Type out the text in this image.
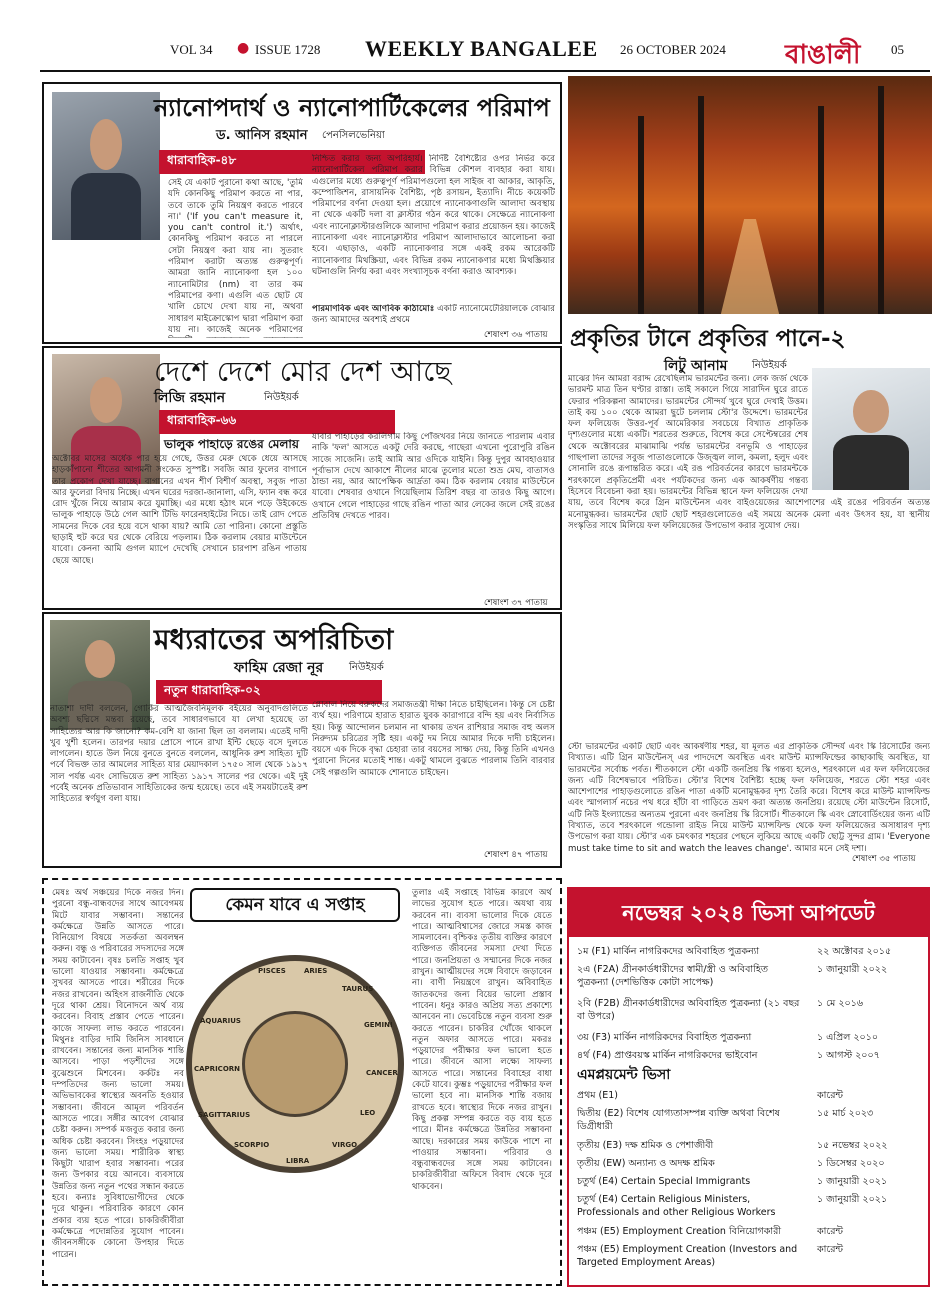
VOL 34 ● ISSUE 1728 WEEKLY BANGALEE 26 OCTOBER 2024 বাঙালী	05
ন্যানোপদার্থ ও ন্যানোপার্টিকেলের পরিমাপ
ড. আনিস রহমান পেনসিলভেনিয়া
ধারাবাহিক-৪৮
সেই যে একটি পুরানো কথা আছে, 'তুমি যদি কোনকিছু পরিমাপ করতে না পার, তবে তাকে তুমি নিয়ন্ত্রণ করতে পারবে না।' ('If you can't measure it, you can't control it.') অর্থাৎ, কোনকিছু পরিমাপ করতে না পারলে সেটা নিয়ন্ত্রণ করা যায় না। সুতরাং পরিমাপ করাটা অত্যন্ত গুরুত্বপূর্ণ। আমরা জানি ন্যানোকণা হল ১০০ ন্যানোমিটার (nm) বা তার কম পরিমাপের কণা। এগুলি এত ছোট যে খালি চোখে দেখা যায় না, অথবা সাধারণ মাইক্রোস্কোপ দ্বারা পরিমাপ করা যায় না। কাজেই অনেক পরিমাপের
নিশ্চিত করার জন্য অপরিহার্য। নির্দিষ্ট বৈশিষ্ট্যের ওপর নির্ভর করে ন্যানোপার্টিকেল পরিমাপ করার বিভিন্ন কৌশল ব্যবহার করা যায়। এগুলোর মধ্যে গুরুত্বপূর্ণ পরিমাপগুলো হল সাইজ বা আকার, আকৃতি, কম্পোজিশন, রাসায়নিক বৈশিষ্ট্য, পৃষ্ঠ রসায়ন, ইত্যাদি। নীচে কয়েকটি পরিমাপের বর্ণনা দেওয়া হল। প্রয়োগে ন্যানোকণাগুলি আলাদা অবস্থায় না থেকে একটি দলা বা ক্লাস্টার গঠন করে থাকে। সেক্ষেত্রে ন্যানোকণা এবং ন্যানোক্লাস্টারগুলিকে আলাদা পরিমাপ করার প্রয়োজন হয়। কাজেই ন্যানোকণা এবং ন্যানোক্লাস্টার পরিমাপ আলাদাভাবে আলোচনা করা হবে। এছাড়াও, একটি ন্যানোকণার সঙ্গে একই রকম আরেকটি ন্যানোকণার মিথস্ক্রিয়া, এবং বিভিন্ন রকম ন্যানোকণার মধ্যে মিথস্ক্রিয়ার ঘটনাগুলি নির্ণয় করা এবং সংখ্যাসূচক বর্ণনা করাও আবশ্যক।
পারমাণবিক এবং আণবিক কাঠামোঃ একটি ন্যানোমেটেরিয়ালকে বোঝার জন্য আমাদের অবশ্যই প্রথমে
শেষাংশ ৩৬ পাতায়
দেশে দেশে মোর দেশ আছে
লিজি রহমান	নিউইয়র্ক
ধারাবাহিক-৬৬
ভালুক পাহাড়ে রঙের মেলায়
অক্টোবর মাসের অর্ধেক পার হয়ে গেছে, উত্তর মেরু থেকে ধেয়ে আসছে হাড়কাঁপানো শীতের আগমনী সংকেত সুস্পষ্ট। সবজি আর ফুলের বাগানে তার প্রকোপ দেখা যাচ্ছে। বাগানের এখন শীর্ণ বিশীর্ণ অবস্থা, সবুজ পাতা আর ফুলেরা বিদায় নিচ্ছে। এখন ঘরের দরজা-জানালা, এসি, ফ্যান বন্ধ করে রোদ খুঁজে নিয়ে আরাম করে যুমাচ্ছি। এর মধ্যে হঠাৎ মনে পড়ে উইকেন্ডে ভালুক পাহাড়ে উঠে গেল আশি টিভি ফারেনহাইটের নিচে। তাই রোদ পেতে সামনের দিকে বের হয়ে বসে থাকা যায়? আমি তো পারিনা। কোনো প্রস্তুতি ছাড়াই হুট করে ঘর থেকে বেরিয়ে পড়লাম। ঠিক করলাম বেয়ার মাউন্টেনে যাবো। কেননা আমি গুগল ম্যাপে দেখেছি সেখানে চারপাশ রঙিন পাতায় ছেয়ে আছে।
যাবার পাহাড়ের করলিগাম কিছু পোঁজখবর নিয়ে জানতে পারলাম এবার নাকি 'ফল' আসতে একটু দেরি করছে, গাছেরা এখনো পুরোপুরি রঙিন সাজে সাজেনি। তাই আমি আর ওদিকে যাইনি। কিন্তু দুপুর আবহাওয়ার পূর্বাভাস দেখে আকাশে নীলের মাঝে তুলোর মতো শুভ্র মেঘ, বাতাসও ঠান্ডা নয়, আর আপেক্ষিক আর্দ্রতা কম। ঠিক করলাম বেয়ার মাউন্টেনে যাবো। শেষবার ওখানে গিয়েছিলাম তিরিশ বছর বা তারও কিছু আগে। ওখানে গেলে পাহাড়ের গাছে রঙিন পাতা আর লেকের জলে সেই রঙের প্রতিবিম্ব দেখতে পারব।
শেষাংশ ৩৭ পাতায়
মধ্যরাতের অপরিচিতা
ফাহিম রেজা নূর	নিউইয়র্ক
নতুন ধারাবাহিক-০২
নাতাশা দাদী বললেন, গোর্কির আত্মজৈবনিমূলক বইয়ের অনুবাদগুলিতে অবশ্য ছদ্মিসে মন্তব্য রয়েছে, তবে সাধারণভাবে যা লেখা হয়েছে তা সাহিত্যের আর কি জানো? কম-বেশি যা জানা ছিল তা বললাম। এতেই দাদী খুব খুশী হলেন। তারপর দয়ার প্রোসে পানে রাখা ইন্টি ছেড়ে বসে দুলতে লাগলেন। হাতে উল নিয়ে বুনতে বুনতে বললেন, আধুনিক রুশ সাহিত্য দুটি পর্বে বিভক্ত তার আমলের সাহিত্য যার মেয়াদকাল ১৭৫০ সাল থেকে ১৯১৭ সাল পর্যন্ত এবং সোভিয়েত রুশ সাহিত্য ১৯১৭ সালের পর থেকে। এই দুই পর্বেই অনেক প্রতিভাবান সাহিত্যিকের জন্ম হয়েছে। তবে এই সময়টাতেই রুশ সাহিত্যের স্বর্ণযুগ বলা যায়।
গ্লোবাল নিয়ে বরুকদের সমাজতন্ত্রী দীক্ষা নিতে চাইছিলেন। কিন্তু সে চেষ্টা ব্যর্থ হয়। পরিণামে হারাত হারাত যুবক কারাগারে বন্দি হয় এবং নির্বাসিত হয়। কিন্তু আন্দোলন চলমান না থাকায় তখন রাশিয়ার সমাজ বহু অলস নিরুদ্যম চরিত্রের সৃষ্টি হয়। একটু দম নিয়ে আমার দিকে দাদী চাইলেন। বয়সে এক দিকে বৃদ্ধা চেহারা তার বয়সের সাক্ষ্য দেয়, কিন্তু তিনি এখনও পুরানো দিনের মতোই শান্ত। একটু থামলে বুঝতে পারলাম তিনি বারবার সেই গল্পগুলি আমাকে শোনাতে চাইছেন।
শেষাংশ ৪৭ পাতায়
প্রকৃতির টানে প্রকৃতির পানে-২
লিটু আনাম নিউইয়র্ক
মাঝের দিন আমরা বরাদ্দ রেখেছিলাম ভারমন্টের জন্য। লেক জর্জ থেকে ভারমন্ট মাত্র তিন ঘণ্টার রাস্তা। তাই সকালে গিয়ে সারাদিন ঘুরে রাতে ফেরার পরিকল্পনা আমাদের। ভারমন্টের সৌন্দর্য খুবে ঘুরে দেখাই উত্তম। তাই কয় ১০০ থেকে আমরা ছুটে চললাম স্টো'র উদ্দেশে। ভারমন্টের ফল ফলিয়েজ উত্তর-পূর্ব আমেরিকার সবচেয়ে বিখ্যাত প্রাকৃতিক দৃশ্যগুলোর মধ্যে একটি। শরতের শুরুতে, বিশেষ করে সেপ্টেম্বরের শেষ থেকে অক্টোবরের মাঝামাঝি পর্যন্ত ভারমন্টের বনভূমি ও পাহাড়ের গাছপালা তাদের সবুজ পাতাগুলোকে উজ্জ্বল লাল, কমলা, হলুদ এবং সোনালি রঙে রূপান্তরিত করে। এই রঙ পরিবর্তনের কারণে ভারমন্টকে শরৎকালে প্রকৃতিপ্রেমী এবং পর্যটকদের জন্য এক আকর্ষণীয় গন্তব্য হিসেবে বিবেচনা করা হয়। ভারমন্টের বিভিন্ন স্থানে ফল ফলিয়েজ দেখা যায়, তবে বিশেষ করে গ্রিন মাউন্টেনস এবং বাইওয়েজের আশেপাশের এই রঙের পরিবর্তন অত্যন্ত মনোমুগ্ধকর। ভারমন্টের ছোট ছোট শহরগুলোতেও এই সময়ে অনেক মেলা এবং উৎসব হয়, যা স্থানীয় সংস্কৃতির সাথে মিলিয়ে ফল ফলিয়েজের উপভোগ করার সুযোগ দেয়।
স্টো ভারমন্টের একটি ছোট এবং আকর্ষণীয় শহর, যা মূলত এর প্রাকৃতিক সৌন্দর্য এবং স্কি রিসোর্টের জন্য বিখ্যাত। এটি গ্রিন মাউন্টেনস্ এর পাদদেশে অবস্থিত এবং মাউন্ট ম্যান্সফিল্ডের কাছাকাছি অবস্থিত, যা ভারমন্টের সর্বোচ্চ পর্বত। শীতকালে স্টো একটি জনপ্রিয় স্কি গন্তব্য হলেও, শরৎকালে এর ফল ফলিয়েজের জন্য এটি বিশেষভাবে পরিচিত। স্টো'র বিশেষ বৈশিষ্ট্য হচ্ছে ফল ফলিয়েজ, শরতে স্টো শহর এবং আশেপাশের পাহাড়গুলোতে রঙিন পাতা একটি মনোমুগ্ধকর দৃশ্য তৈরি করে। বিশেষ করে মাউন্ট ম্যান্সফিল্ড এবং স্মাগলার্স নচের পথ ধরে হাঁটা বা গাড়িতে ভ্রমণ করা অত্যন্ত জনপ্রিয়। রয়েছে স্টো মাউন্টেন রিসোর্ট, এটি নিউ ইংল্যান্ডের অন্যতম পুরনো এবং জনপ্রিয় স্কি রিসোর্ট। শীতকালে স্কি এবং স্নোবোর্ডিংয়ের জন্য এটি বিখ্যাত, তবে শরৎকালে গন্ডোলা রাইড নিয়ে মাউন্ট ম্যান্সফিল্ড থেকে ফল ফলিয়েজের অসাধারণ দৃশ্য উপভোগ করা যায়। স্টো'র এক চমৎকার শহরের পেছনে লুকিয়ে আছে একটি ছোট্ট সুন্দর গ্রাম। 'Everyone must take time to sit and watch the leaves change'. আমার মনে সেই দশা।
শেষাংশ ৩৫ পাতায়
কেমন যাবে এ সপ্তাহ
মেষঃ অর্থ সঞ্চয়ের দিকে নজর দিন। পুরনো বন্ধু-বান্ধবদের সাথে আবেগময় মিটে যাবার সম্ভাবনা। সন্তানের কর্মক্ষেত্রে উন্নতি আসতে পারে। বিনিয়োগ বিষয়ে সতর্কতা অবলম্বন করুন। বন্ধু ও পরিবারের সদস্যদের সঙ্গে সময় কাটাবেন। বৃষঃ চলতি সপ্তাহ খুব ভালো যাওয়ার সম্ভাবনা। কর্মক্ষেত্রে সুখবর আসতে পারে। শরীরের দিকে নজর রাখবেন। অহিংস রাজনীতি থেকে দূরে থাকা শ্রেয়। বিনোদনে অর্থ ব্যয় করবেন। বিবাহ প্রস্তাব পেতে পারেন। কাজে সাফল্য লাভ করতে পারবেন। মিথুনঃ বাড়ির দামি জিনিস সাবধানে রাখবেন। সন্তানের জন্য মানসিক শান্তি আসবে। পাড়া পড়শীদের সঙ্গে বুঝেশুনে মিশবেন। কর্কটঃ নব দম্পতিদের জন্য ভালো সময়। অভিভাবকের স্বাস্থ্যের অবনতি হওয়ার সম্ভাবনা। জীবনে আমূল পরিবর্তন আসতে পারে। সঙ্গীর আবেগ বোঝার চেষ্টা করুন। সম্পর্ক মজবুত করার জন্য অধিক চেষ্টা করবেন। সিংহঃ পড়ুয়াদের জন্য ভালো সময়। শারীরিক স্বাস্থ্য কিছুটা খারাপ হবার সম্ভাবনা। পরের জন্য উপকার বয়ে আনবে। ব্যবসায়ে উন্নতির জন্য নতুন পথের সন্ধান করতে হবে। কন্যাঃ সুবিধাভোগীদের থেকে দূরে থাকুন। পরিবারিক কারণে কোন প্রকার ব্যয় হতে পারে। চাকরিজীবীরা কর্মক্ষেত্রে পদোন্নতির সুযোগ পাবেন। জীবনসঙ্গীকে কোনো উপহার দিতে পারেন।
তুলাঃ এই সপ্তাহে বিভিন্ন কারণে অর্থ লাভের সুযোগ হতে পারে। অযথা ব্যয় করবেন না। ব্যবসা ভালোর দিকে যেতে পারে। আত্মবিশ্বাসের জোরে সমস্ত কাজ সামলাবেন। বৃশ্চিকঃ তৃতীয় ব্যক্তির কারণে ব্যক্তিগত জীবনের সমস্যা দেখা দিতে পারে। জনপ্রিয়তা ও সম্মানের দিকে নজর রাখুন। আত্মীয়দের সঙ্গে বিবাদে জড়াবেন না। বাণী নিয়ন্ত্রণে রাখুন। অবিবাহিত জাতকদের জন্য বিয়ের ভালো প্রস্তাব পাবেন। ধনুঃ কারও অপ্রিয় সত্য প্রকাশ্যে আনবেন না। ভেবেচিন্তে নতুন ব্যবসা শুরু করতে পারেন। চাকরির খোঁজে থাকলে নতুন অফার আসতে পারে। মকরঃ পড়ুয়াদের পরীক্ষার ফল ভালো হতে পারে। জীবনে আসা লক্ষ্যে সাফল্য আসতে পারে। সন্তানের বিবাহের বাধা কেটে যাবে। কুম্ভঃ পড়ুয়াদের পরীক্ষার ফল ভালো হবে না। মানসিক শান্তি বজায় রাখতে হবে। স্বাস্থ্যের দিকে নজর রাখুন। কিছু প্রকল্প সম্পন্ন করতে বড় ব্যয় হতে পারে। মীনঃ কর্মক্ষেত্রে উন্নতির সম্ভাবনা আছে। দরকারের সময় কাউকে পাশে না পাওয়ার সম্ভাবনা। পরিবার ও বন্ধুবান্ধবদের সঙ্গে সময় কাটাবেন। চাকরিজীবীরা অফিসে বিবাদ থেকে দূরে থাকবেন।
PISCES	ARIES
TAURUS
GEMINI
CANCER
LEO
VIRGO
LIBRA
SCORPIO
SAGITTARIUS
CAPRICORN
AQUARIUS
নভেম্বর ২০২৪ ভিসা আপডেট
১ম (F1) মার্কিন নাগরিকদের অবিবাহিত পুত্রকন্যা	২২ অক্টোবর ২০১৫
২এ (F2A) গ্রীনকার্ডধারীদের স্বামী/স্ত্রী ও অবিবাহিত পুত্রকন্যা (দেশভিত্তিক কোটা সাপেক্ষ)
১ জানুয়ারী ২০২২
২বি (F2B) গ্রীনকার্ডধারীদের অবিবাহিত পুত্রকন্যা (২১ বছর বা উপরে)
১ মে ২০১৬
৩য় (F3) মার্কিন নাগরিকদের বিবাহিত পুত্রকন্যা	১ এপ্রিল ২০১০
৪র্থ (F4) প্রাপ্তবয়স্ক মার্কিন নাগরিকদের ভাইবোন	১ আগস্ট ২০০৭
এমপ্লয়মেন্ট ভিসা
প্রথম (E1)	কারেন্ট
দ্বিতীয় (E2) বিশেষ যোগ্যতাসম্পন্ন ব্যক্তি অথবা বিশেষ ডিগ্রীধারী
১৫ মার্চ ২০২৩
তৃতীয় (E3) দক্ষ শ্রমিক ও পেশাজীবী	১৫ নভেম্বর ২০২২
তৃতীয় (EW) অন্যান্য ও অদক্ষ শ্রমিক	১ ডিসেম্বর ২০২০
চতুর্থ (E4) Certain Special Immigrants	১ জানুয়ারী ২০২১
চতুর্থ (E4) Certain Religious Ministers, Professionals and other Religious Workers
১ জানুয়ারী ২০২১
পঞ্চম (E5) Employment Creation বিনিয়োগকারী	কারেন্ট
পঞ্চম (E5) Employment Creation (Investors and Targeted Employment Areas)
কারেন্ট
